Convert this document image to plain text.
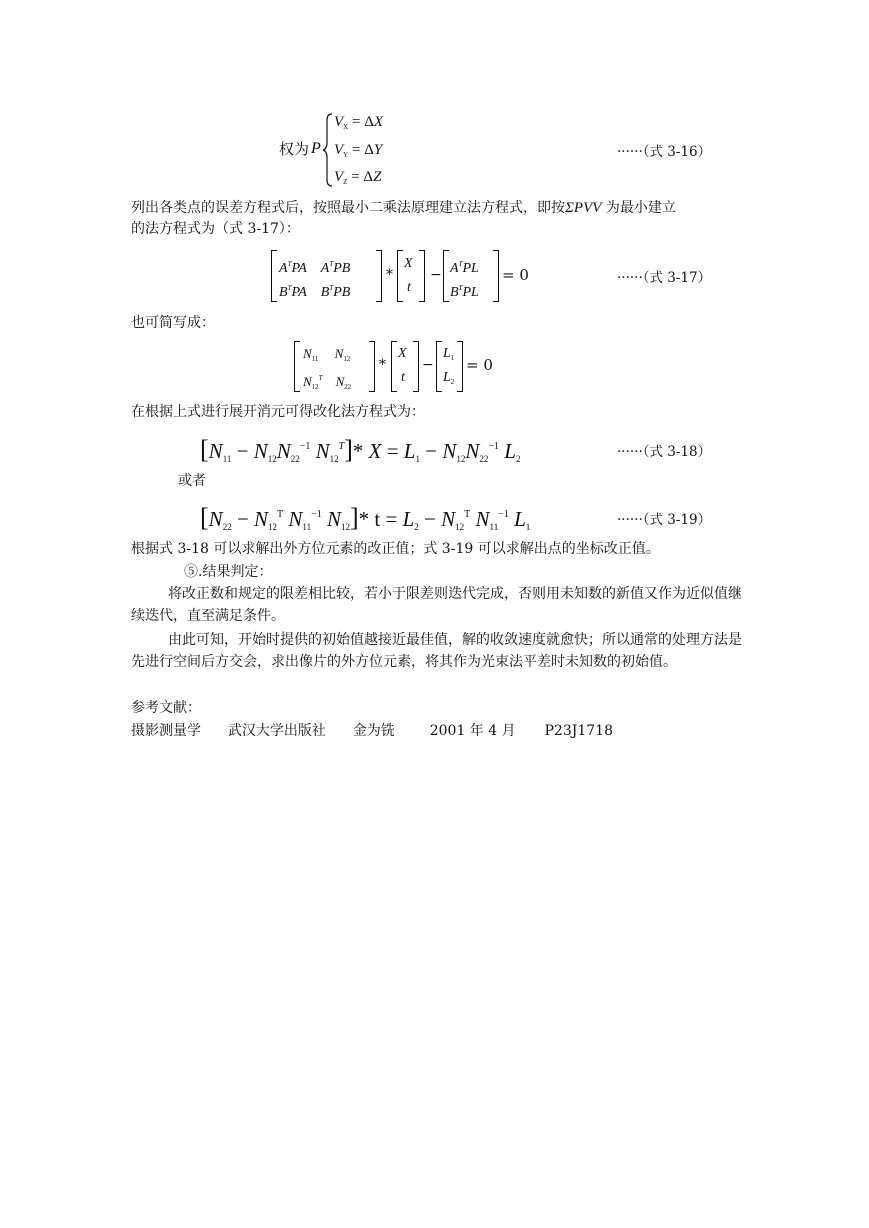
权为 P
$V_X = \Delta X$
$V_Y = \Delta Y$
$V_Z = \Delta Z$
······（式 3-16）
列出各类点的误差方程式后，按照最小二乘法原理建立法方程式，即按ΣPVV 为最小建立
的法方程式为（式 3-17）：
$A^TPA$    $A^TPB$
$B^TPA$    $B^TPB$
*
X
t
− $A^TPL$
$B^TPL$
= 0	······（式 3-17）
也可简写成：
$N_{11}$     $N_{12}$
$N_{12}^T$    $N_{22}$
*
X
t
−
$L_1$
$L_2$
= 0
在根据上式进行展开消元可得改化法方程式为：
[$N11 - N12N22^{-1}$ $N12^T]*$ $X = L1 - N12N22^{-1}$ L2	······（式 3-18）
或者
[$N22 - N12^T$ $N11^{-1}$ N12]* $t = L2 - N12^T$ $N11^{-1}$ L1	······（式 3-19）
根据式 3-18 可以求解出外方位元素的改正值；式 3-19 可以求解出点的坐标改正值。
⑤.结果判定：
将改正数和规定的限差相比较，若小于限差则迭代完成，否则用未知数的新值又作为近似值继续迭代，直至满足条件。
由此可知，开始时提供的初始值越接近最佳值，解的收敛速度就愈快；所以通常的处理方法是先进行空间后方交会，求出像片的外方位元素，将其作为光束法平差时未知数的初始值。
参考文献：
摄影测量学 武汉大学出版社 金为铣 2001 年 4 月 P23J1718
